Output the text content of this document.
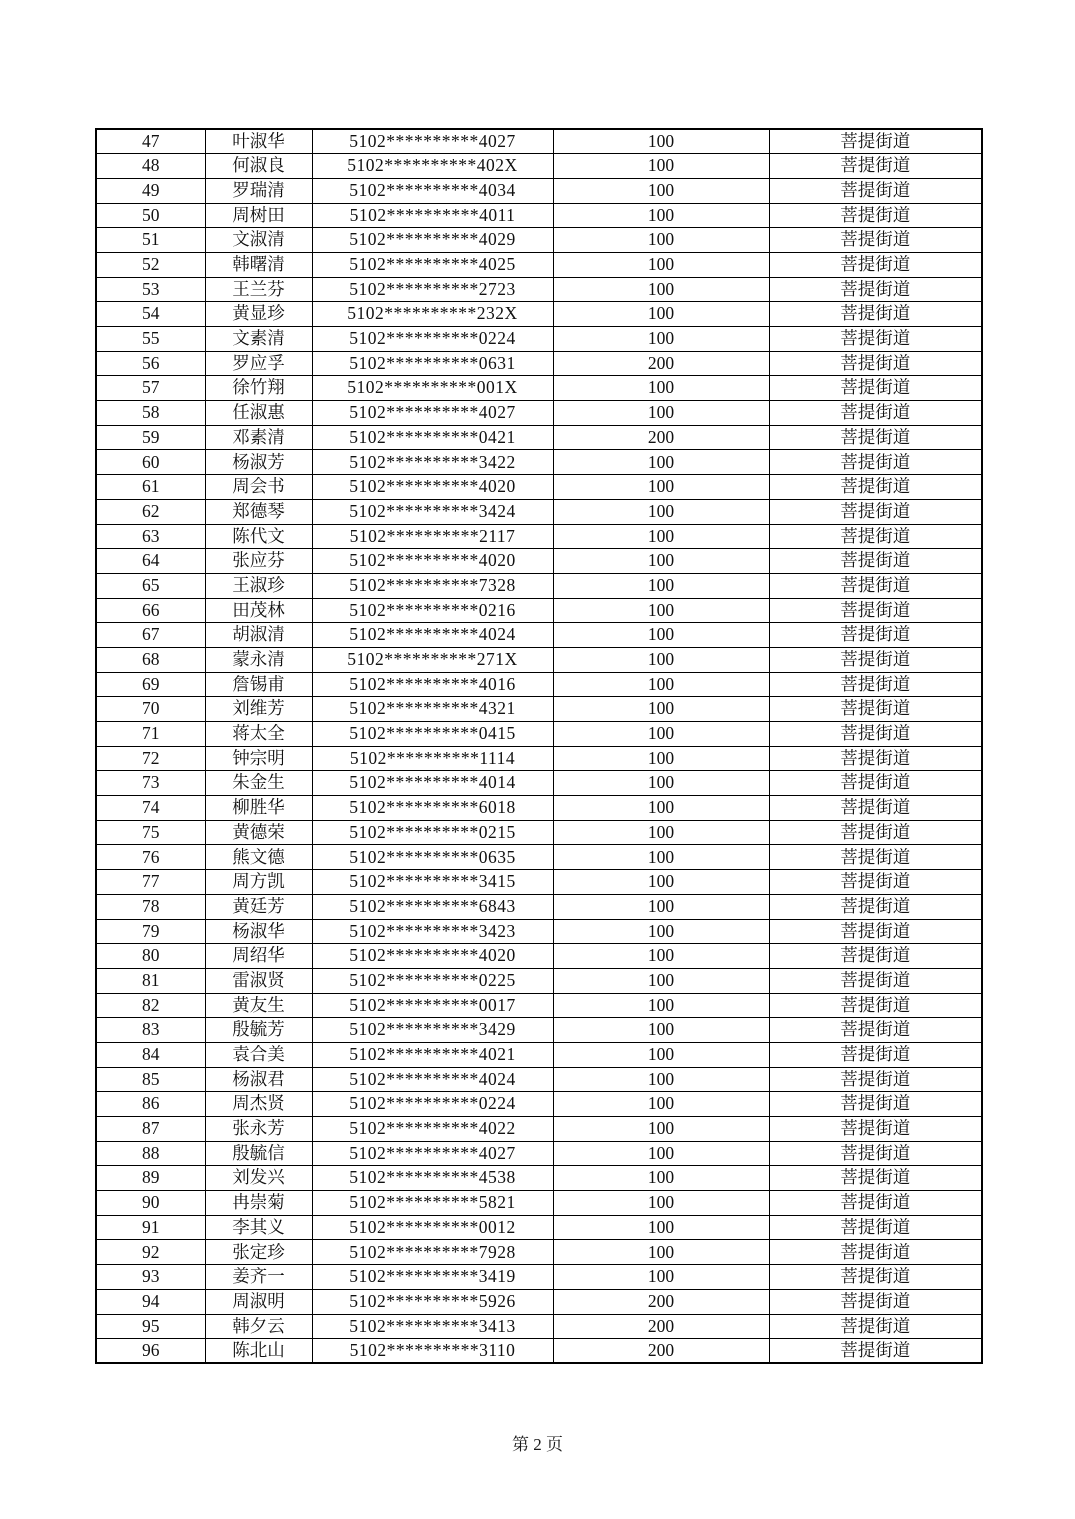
47	叶淑华	5102**********4027	100	菩提街道
48	何淑良	5102**********402X	100	菩提街道
49	罗瑞清	5102**********4034	100	菩提街道
50	周树田	5102**********4011	100	菩提街道
51	文淑清	5102**********4029	100	菩提街道
52	韩曙清	5102**********4025	100	菩提街道
53	王兰芬	5102**********2723	100	菩提街道
54	黄显珍	5102**********232X	100	菩提街道
55	文素清	5102**********0224	100	菩提街道
56	罗应孚	5102**********0631	200	菩提街道
57	徐竹翔	5102**********001X	100	菩提街道
58	任淑惠	5102**********4027	100	菩提街道
59	邓素清	5102**********0421	200	菩提街道
60	杨淑芳	5102**********3422	100	菩提街道
61	周会书	5102**********4020	100	菩提街道
62	郑德琴	5102**********3424	100	菩提街道
63	陈代文	5102**********2117	100	菩提街道
64	张应芬	5102**********4020	100	菩提街道
65	王淑珍	5102**********7328	100	菩提街道
66	田茂林	5102**********0216	100	菩提街道
67	胡淑清	5102**********4024	100	菩提街道
68	蒙永清	5102**********271X	100	菩提街道
69	詹锡甫	5102**********4016	100	菩提街道
70	刘维芳	5102**********4321	100	菩提街道
71	蒋太全	5102**********0415	100	菩提街道
72	钟宗明	5102**********1114	100	菩提街道
73	朱金生	5102**********4014	100	菩提街道
74	柳胜华	5102**********6018	100	菩提街道
75	黄德荣	5102**********0215	100	菩提街道
76	熊文德	5102**********0635	100	菩提街道
77	周方凯	5102**********3415	100	菩提街道
78	黄廷芳	5102**********6843	100	菩提街道
79	杨淑华	5102**********3423	100	菩提街道
80	周绍华	5102**********4020	100	菩提街道
81	雷淑贤	5102**********0225	100	菩提街道
82	黄友生	5102**********0017	100	菩提街道
83	殷毓芳	5102**********3429	100	菩提街道
84	袁合美	5102**********4021	100	菩提街道
85	杨淑君	5102**********4024	100	菩提街道
86	周杰贤	5102**********0224	100	菩提街道
87	张永芳	5102**********4022	100	菩提街道
88	殷毓信	5102**********4027	100	菩提街道
89	刘发兴	5102**********4538	100	菩提街道
90	冉崇菊	5102**********5821	100	菩提街道
91	李其义	5102**********0012	100	菩提街道
92	张定珍	5102**********7928	100	菩提街道
93	姜齐一	5102**********3419	100	菩提街道
94	周淑明	5102**********5926	200	菩提街道
95	韩夕云	5102**********3413	200	菩提街道
96	陈北山	5102**********3110	200	菩提街道
第 2 页
